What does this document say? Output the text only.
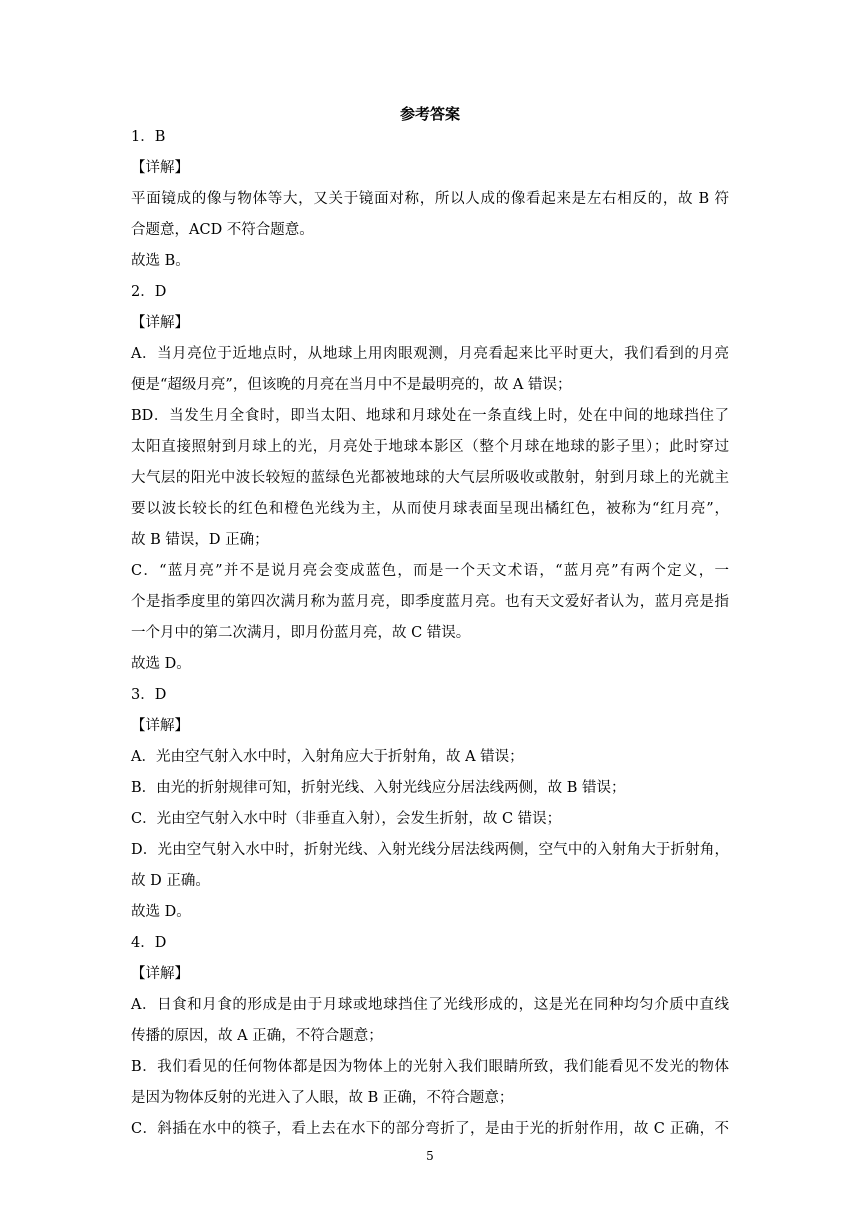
参考答案
1．B
【详解】
平面镜成的像与物体等大，又关于镜面对称，所以人成的像看起来是左右相反的，故 B 符
合题意，ACD 不符合题意。
故选 B。
2．D
【详解】
A．当月亮位于近地点时，从地球上用肉眼观测，月亮看起来比平时更大，我们看到的月亮
便是“超级月亮”，但该晚的月亮在当月中不是最明亮的，故 A 错误；
BD．当发生月全食时，即当太阳、地球和月球处在一条直线上时，处在中间的地球挡住了
太阳直接照射到月球上的光，月亮处于地球本影区（整个月球在地球的影子里）；此时穿过
大气层的阳光中波长较短的蓝绿色光都被地球的大气层所吸收或散射，射到月球上的光就主
要以波长较长的红色和橙色光线为主，从而使月球表面呈现出橘红色，被称为“红月亮”，
故 B 错误，D 正确；
C．“蓝月亮”并不是说月亮会变成蓝色，而是一个天文术语，“蓝月亮”有两个定义，一
个是指季度里的第四次满月称为蓝月亮，即季度蓝月亮。也有天文爱好者认为，蓝月亮是指
一个月中的第二次满月，即月份蓝月亮，故 C 错误。
故选 D。
3．D
【详解】
A．光由空气射入水中时，入射角应大于折射角，故 A 错误；
B．由光的折射规律可知，折射光线、入射光线应分居法线两侧，故 B 错误；
C．光由空气射入水中时（非垂直入射），会发生折射，故 C 错误；
D．光由空气射入水中时，折射光线、入射光线分居法线两侧，空气中的入射角大于折射角，
故 D 正确。
故选 D。
4．D
【详解】
A．日食和月食的形成是由于月球或地球挡住了光线形成的，这是光在同种均匀介质中直线
传播的原因，故 A 正确，不符合题意；
B．我们看见的任何物体都是因为物体上的光射入我们眼睛所致，我们能看见不发光的物体
是因为物体反射的光进入了人眼，故 B 正确，不符合题意；
C．斜插在水中的筷子，看上去在水下的部分弯折了，是由于光的折射作用，故 C 正确，不
5
